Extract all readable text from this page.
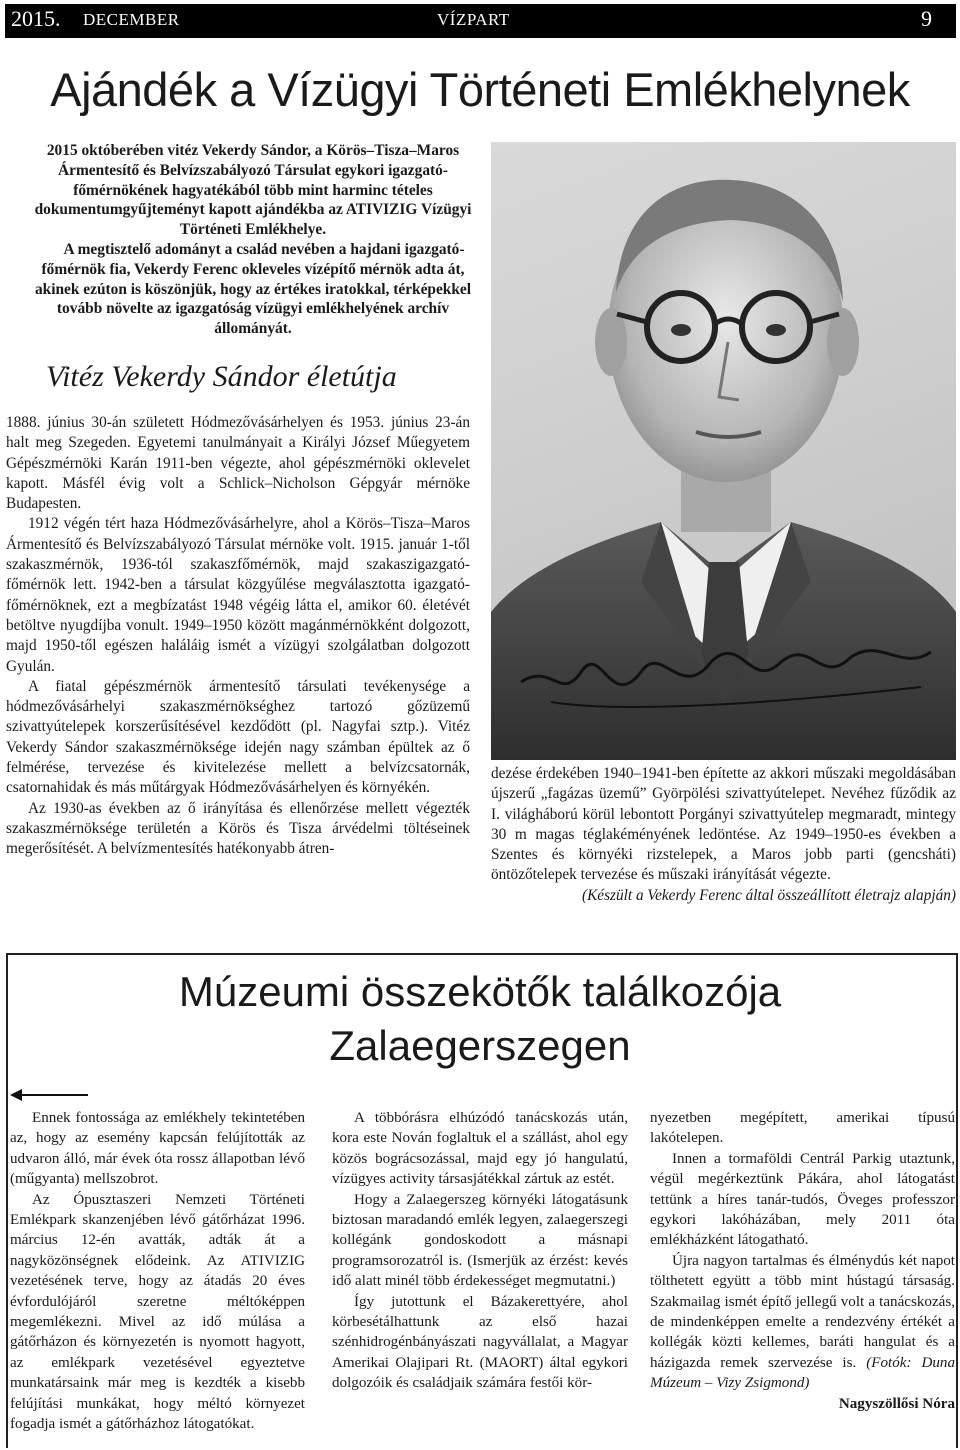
2015. DECEMBER	VÍZPART	9
Ajándék a Vízügyi Történeti Emlékhelynek

2015 októberében vitéz Vekerdy Sándor, a Körös–Tisza–Maros Ármentesítő és Belvízszabályozó Társulat egykori igazgató-főmérnökének hagyatékából több mint harminc tételes dokumentumgyűjteményt kapott ajándékba az ATIVIZIG Vízügyi Történeti Emlékhelye.

A megtisztelő adományt a család nevében a hajdani igazgató-főmérnök fia, Vekerdy Ferenc okleveles vízépítő mérnök adta át, akinek ezúton is köszönjük, hogy az értékes iratokkal, térképekkel tovább növelte az igazgatóság vízügyi emlékhelyének archív állományát.

Vitéz Vekerdy Sándor életútja

1888. június 30-án született Hódmezővásárhelyen és 1953. június 23-án halt meg Szegeden. Egyetemi tanulmányait a Királyi József Műegyetem Gépészmérnöki Karán 1911-ben végezte, ahol gépészmérnöki oklevelet kapott. Másfél évig volt a Schlick–Nicholson Gépgyár mérnöke Budapesten.

1912 végén tért haza Hódmezővásárhelyre, ahol a Körös–Tisza–Maros Ármentesítő és Belvízszabályozó Társulat mérnöke volt. 1915. január 1-től szakaszmérnök, 1936-tól szakaszfőmérnök, majd szakaszigazgató-főmérnök lett. 1942-ben a társulat közgyűlése megválasztotta igazgató-főmérnöknek, ezt a megbízatást 1948 végéig látta el, amikor 60. életévét betöltve nyugdíjba vonult. 1949–1950 között magánmérnökként dolgozott, majd 1950-től egészen haláláig ismét a vízügyi szolgálatban dolgozott Gyulán.

A fiatal gépészmérnök ármentesítő társulati tevékenysége a hódmezővásárhelyi szakaszmérnökséghez tartozó gőzüzemű szivattyútelepek korszerűsítésével kezdődött (pl. Nagyfai sztp.). Vitéz Vekerdy Sándor szakaszmérnöksége idején nagy számban épültek az ő felmérése, tervezése és kivitelezése mellett a belvízcsatornák, csatornahidak és más műtárgyak Hódmezővásárhelyen és környékén.

Az 1930-as években az ő irányítása és ellenőrzése mellett végezték szakaszmérnöksége területén a Körös és Tisza árvédelmi töltéseinek megerősítését. A belvízmentesítés hatékonyabb átren-

dezése érdekében 1940–1941-ben építette az akkori műszaki megoldásában újszerű „fagázas üzemű” Györpölési szivattyútelepet. Nevéhez fűződik az I. világháború körül lebontott Porgányi szivattyútelep megmaradt, mintegy 30 m magas téglakéményének ledöntése. Az 1949–1950-es években a Szentes és környéki rizstelepek, a Maros jobb parti (gencsháti) öntözőtelepek tervezése és műszaki irányítását végezte.

(Készült a Vekerdy Ferenc által összeállított életrajz alapján)

Múzeumi összekötők találkozója
Zalaegerszegen

Ennek fontossága az emlékhely tekintetében az, hogy az esemény kapcsán felújították az udvaron álló, már évek óta rossz állapotban lévő (műgyanta) mellszobrot.

Az Ópusztaszeri Nemzeti Történeti Emlékpark skanzenjében lévő gátőrházat 1996. március 12-én avatták, adták át a nagyközönségnek elődeink. Az ATIVIZIG vezetésének terve, hogy az átadás 20 éves évfordulójáról szeretne méltóképpen megemlékezni. Mivel az idő múlása a gátőrházon és környezetén is nyomott hagyott, az emlékpark vezetésével egyeztetve munkatársaink már meg is kezdték a kisebb felújítási munkákat, hogy méltó környezet fogadja ismét a gátőrházhoz látogatókat.

A többórásra elhúzódó tanácskozás után, kora este Nován foglaltuk el a szállást, ahol egy közös bográcsozással, majd egy jó hangulatú, vízügyes activity társasjátékkal zártuk az estét.

Hogy a Zalaegerszeg környéki látogatásunk biztosan maradandó emlék legyen, zalaegerszegi kollégánk gondoskodott a másnapi programsorozatról is. (Ismerjük az érzést: kevés idő alatt minél több érdekességet megmutatni.)

Így jutottunk el Bázakerettyére, ahol körbesétálhattunk az első hazai szénhidrogénbányászati nagyvállalat, a Magyar Amerikai Olajipari Rt. (MAORT) által egykori dolgozóik és családjaik számára festői kör-

nyezetben megépített, amerikai típusú lakótelepen.

Innen a tormaföldi Centrál Parkig utaztunk, végül megérkeztünk Pákára, ahol látogatást tettünk a híres tanár-tudós, Öveges professzor egykori lakóházában, mely 2011 óta emlékházként látogatható.

Újra nagyon tartalmas és élménydús két napot tölthetett együtt a több mint hústagú társaság. Szakmailag ismét építő jellegű volt a tanácskozás, de mindenképpen emelte a rendezvény értékét a kollégák közti kellemes, baráti hangulat és a házigazda remek szervezése is. (Fotók: Duna Múzeum – Vizy Zsigmond)

Nagyszöllősi Nóra
